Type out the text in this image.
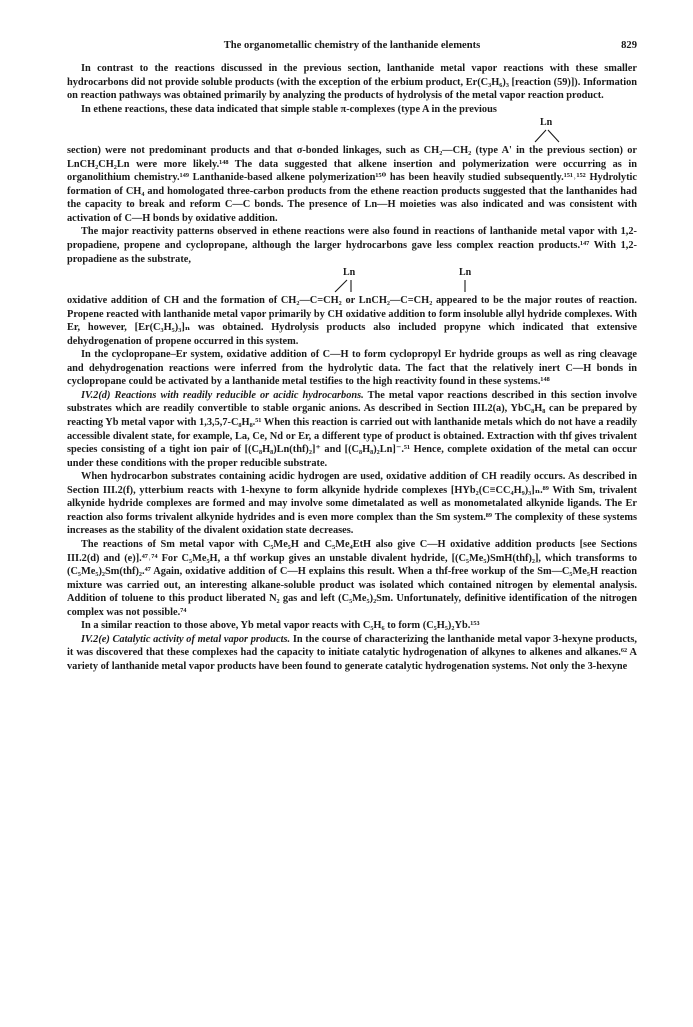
The organometallic chemistry of the lanthanide elements	829

In contrast to the reactions discussed in the previous section, lanthanide metal vapor reactions with these smaller hydrocarbons did not provide soluble products (with the exception of the erbium product, Er(C₃H₆)₃ [reaction (59)]). Information on reaction pathways was obtained primarily by analyzing the products of hydrolysis of the metal vapor reaction product.

In ethene reactions, these data indicated that simple stable π-complexes (type A in the previous

Ln

section) were not predominant products and that σ-bonded linkages, such as CH₂—CH₂ (type A' in the previous section) or LnCH₂CH₂Ln were more likely.¹⁴⁸ The data suggested that alkene insertion and polymerization were occurring as in organolithium chemistry.¹⁴⁹ Lanthanide-based alkene polymerization¹⁵⁰ has been heavily studied subsequently.¹⁵¹˒¹⁵² Hydrolytic formation of CH₄ and homologated three-carbon products from the ethene reaction products suggested that the lanthanides had the capacity to break and reform C—C bonds. The presence of Ln—H moieties was also indicated and was consistent with activation of C—H bonds by oxidative addition.

The major reactivity patterns observed in ethene reactions were also found in reactions of lanthanide metal vapor with 1,2-propadiene, propene and cyclopropane, although the larger hydrocarbons gave less complex reaction products.¹⁴⁷ With 1,2-propadiene as the substrate,

Ln	Ln

oxidative addition of CH and the formation of CH₂—C=CH₂ or LnCH₂—C=CH₂ appeared to be the major routes of reaction. Propene reacted with lanthanide metal vapor primarily by CH oxidative addition to form insoluble allyl hydride complexes. With Er, however, [Er(C₃H₅)₃]ₙ was obtained. Hydrolysis products also included propyne which indicated that extensive dehydrogenation of propene occurred in this system.

In the cyclopropane–Er system, oxidative addition of C—H to form cyclopropyl Er hydride groups as well as ring cleavage and dehydrogenation reactions were inferred from the hydrolytic data. The fact that the relatively inert C—H bonds in cyclopropane could be activated by a lanthanide metal testifies to the high reactivity found in these systems.¹⁴⁸

IV.2(d) Reactions with readily reducible or acidic hydrocarbons. The metal vapor reactions described in this section involve substrates which are readily convertible to stable organic anions. As described in Section III.2(a), YbC₈H₈ can be prepared by reacting Yb metal vapor with 1,3,5,7-C₈H₈.⁵¹ When this reaction is carried out with lanthanide metals which do not have a readily accessible divalent state, for example, La, Ce, Nd or Er, a different type of product is obtained. Extraction with thf gives trivalent species consisting of a tight ion pair of [(C₈H₈)Ln(thf)₂]⁺ and [(C₈H₈)₂Ln]⁻.⁵¹ Hence, complete oxidation of the metal can occur under these conditions with the proper reducible substrate.

When hydrocarbon substrates containing acidic hydrogen are used, oxidative addition of CH readily occurs. As described in Section III.2(f), ytterbium reacts with 1-hexyne to form alkynide hydride complexes [HYb₂(C≡CC₄H₉)₃]ₙ.⁸⁹ With Sm, trivalent alkynide hydride complexes are formed and may involve some dimetalated as well as monometalated alkynide ligands. The Er reaction also forms trivalent alkynide hydrides and is even more complex than the Sm system.⁸⁹ The complexity of these systems increases as the stability of the divalent oxidation state decreases.

The reactions of Sm metal vapor with C₅Me₅H and C₅Me₄EtH also give C—H oxidative addition products [see Sections III.2(d) and (e)].⁴⁷˒⁷⁴ For C₅Me₅H, a thf workup gives an unstable divalent hydride, [(C₅Me₅)SmH(thf)₂], which transforms to (C₅Me₅)₂Sm(thf)₂.⁴⁷ Again, oxidative addition of C—H explains this result. When a thf-free workup of the Sm—C₅Me₅H reaction mixture was carried out, an interesting alkane-soluble product was isolated which contained nitrogen by elemental analysis. Addition of toluene to this product liberated N₂ gas and left (C₅Me₅)₂Sm. Unfortunately, definitive identification of the nitrogen complex was not possible.⁷⁴

In a similar reaction to those above, Yb metal vapor reacts with C₅H₆ to form (C₅H₅)₂Yb.¹⁵³

IV.2(e) Catalytic activity of metal vapor products. In the course of characterizing the lanthanide metal vapor 3-hexyne products, it was discovered that these complexes had the capacity to initiate catalytic hydrogenation of alkynes to alkenes and alkanes.⁶² A variety of lanthanide metal vapor products have been found to generate catalytic hydrogenation systems. Not only the 3-hexyne
